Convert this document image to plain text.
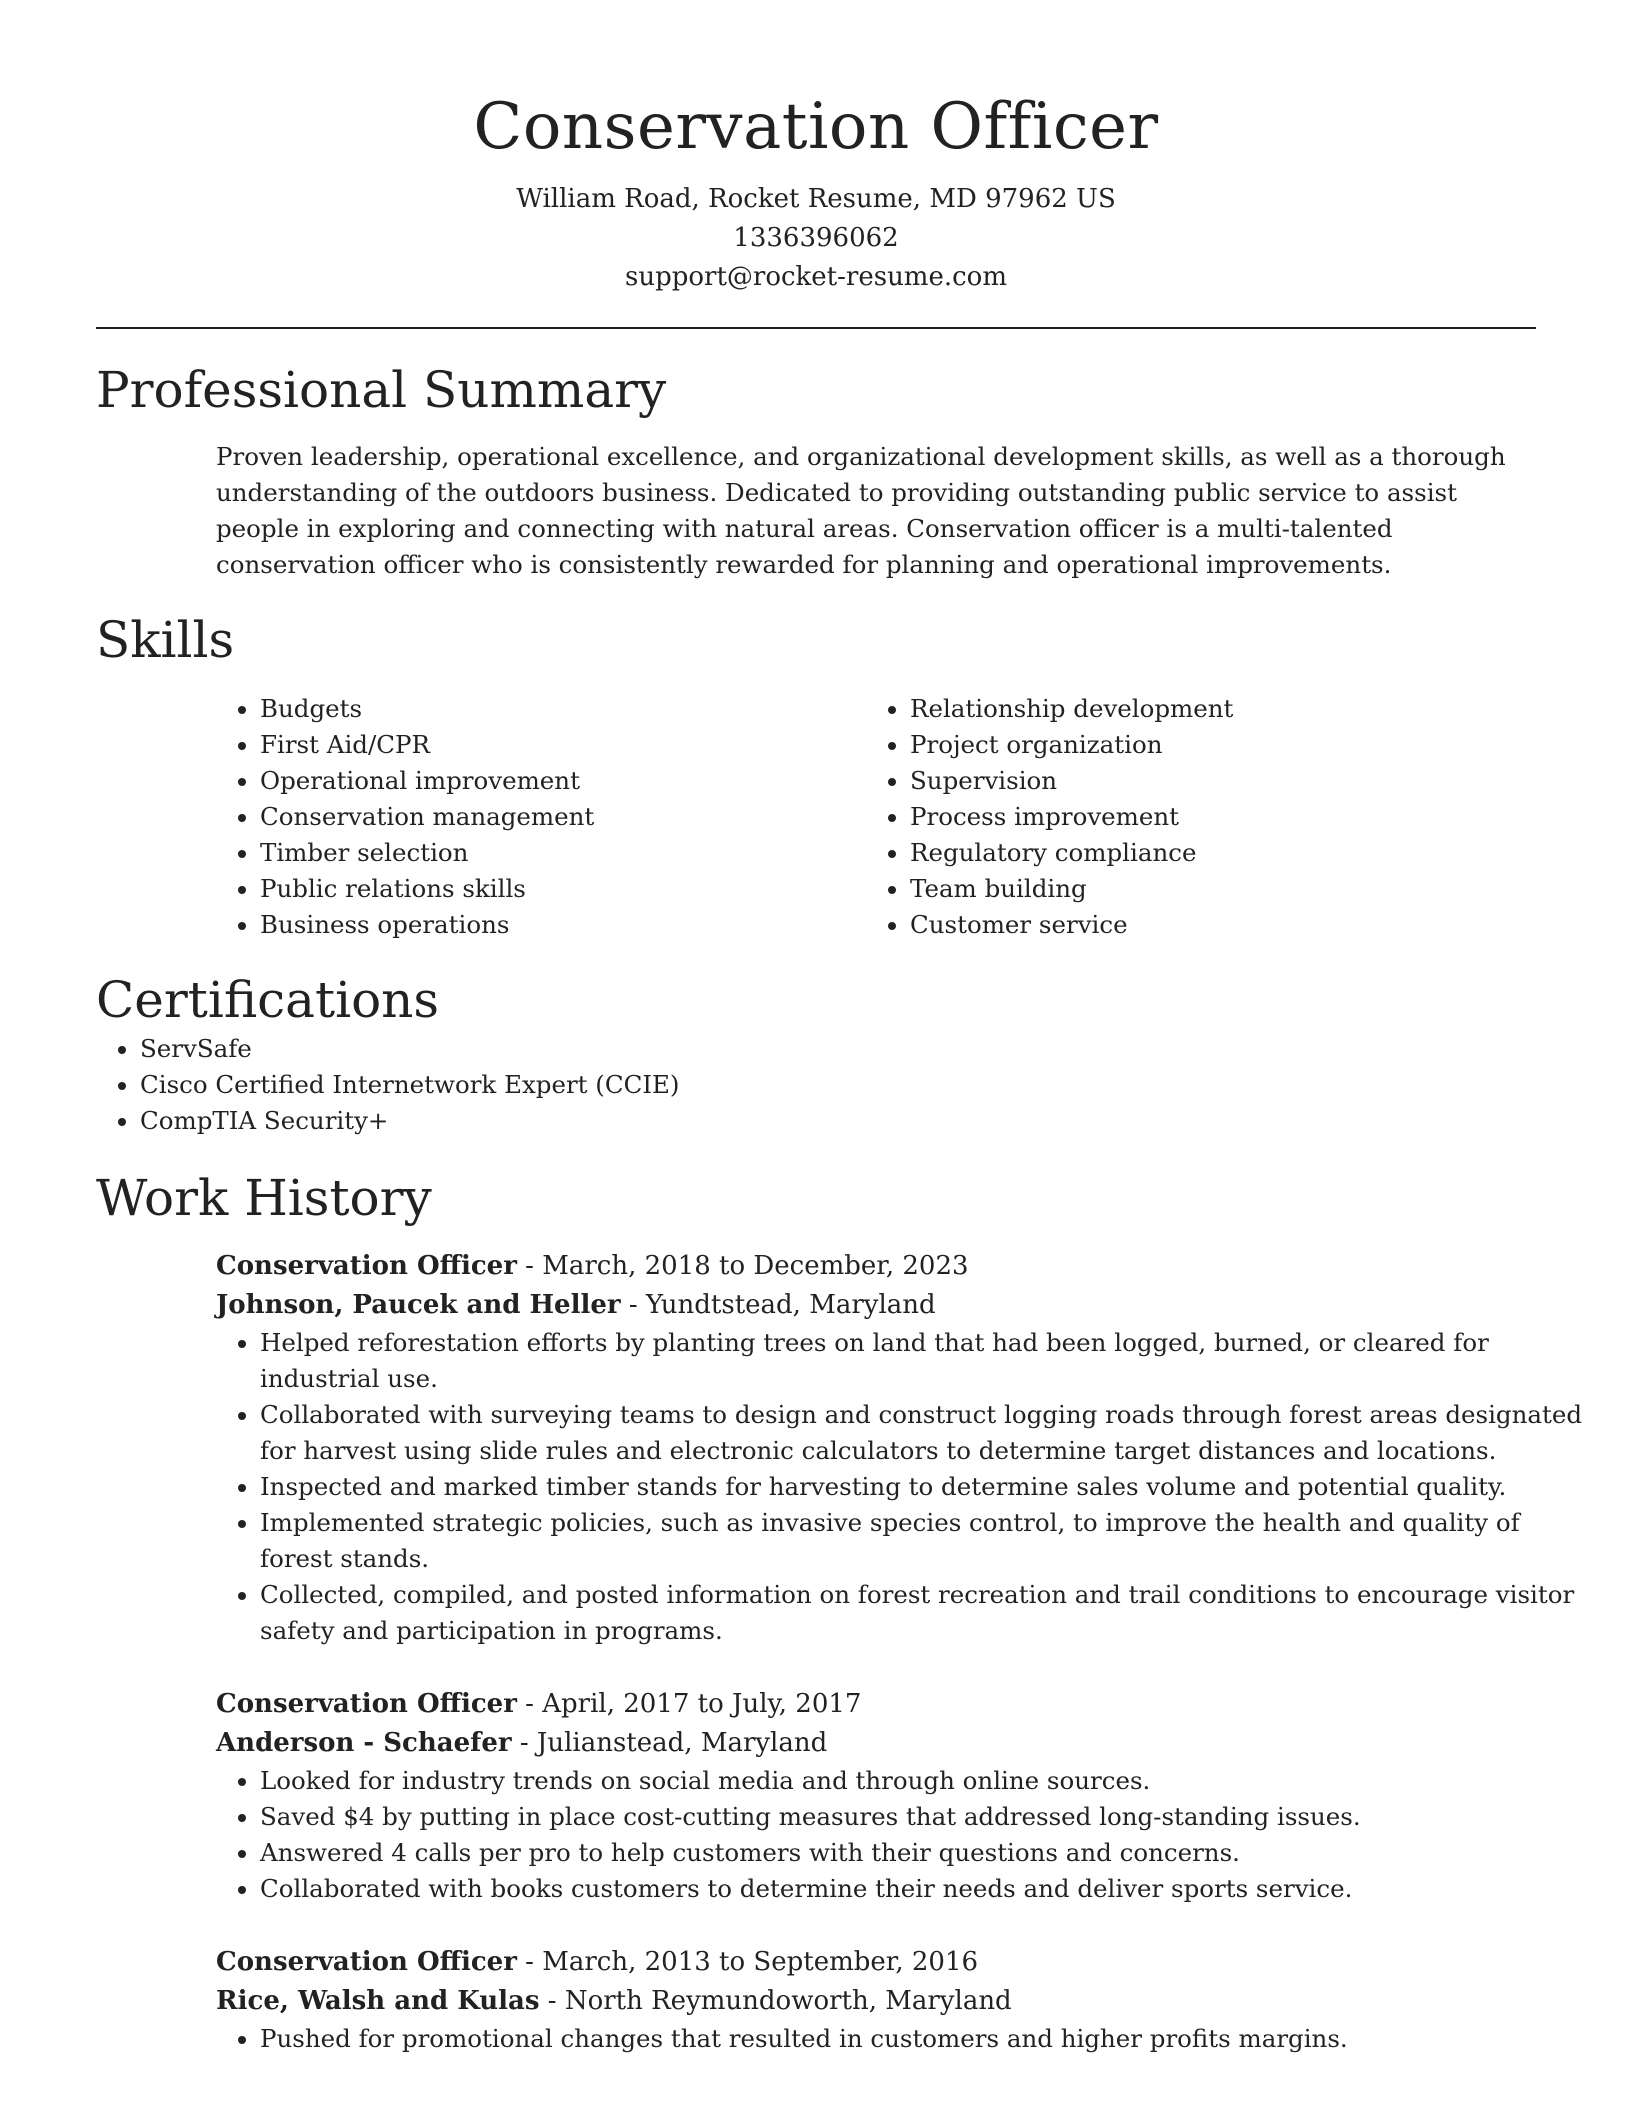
Conservation Officer
William Road, Rocket Resume, MD 97962 US
1336396062
support@rocket-resume.com
Professional Summary

Proven leadership, operational excellence, and organizational development skills, as well as a thorough understanding of the outdoors business. Dedicated to providing outstanding public service to assist people in exploring and connecting with natural areas. Conservation officer is a multi-talented conservation officer who is consistently rewarded for planning and operational improvements.

Skills
• Budgets
• First Aid/CPR
• Operational improvement
• Conservation management
• Timber selection
• Public relations skills
• Business operations
• Relationship development
• Project organization
• Supervision
• Process improvement
• Regulatory compliance
• Team building
• Customer service
Certifications
• ServSafe
• Cisco Certified Internetwork Expert (CCIE)
• CompTIA Security+
Work History
Conservation Officer - March, 2018 to December, 2023
Johnson, Paucek and Heller - Yundtstead, Maryland
• Helped reforestation efforts by planting trees on land that had been logged, burned, or cleared for industrial use.
• Collaborated with surveying teams to design and construct logging roads through forest areas designated for harvest using slide rules and electronic calculators to determine target distances and locations.
• Inspected and marked timber stands for harvesting to determine sales volume and potential quality.
• Implemented strategic policies, such as invasive species control, to improve the health and quality of forest stands.
• Collected, compiled, and posted information on forest recreation and trail conditions to encourage visitor safety and participation in programs.
Conservation Officer - April, 2017 to July, 2017
Anderson - Schaefer - Julianstead, Maryland
• Looked for industry trends on social media and through online sources.
• Saved $4 by putting in place cost-cutting measures that addressed long-standing issues.
• Answered 4 calls per pro to help customers with their questions and concerns.
• Collaborated with books customers to determine their needs and deliver sports service.
Conservation Officer - March, 2013 to September, 2016
Rice, Walsh and Kulas - North Reymundoworth, Maryland
• Pushed for promotional changes that resulted in customers and higher profits margins.
